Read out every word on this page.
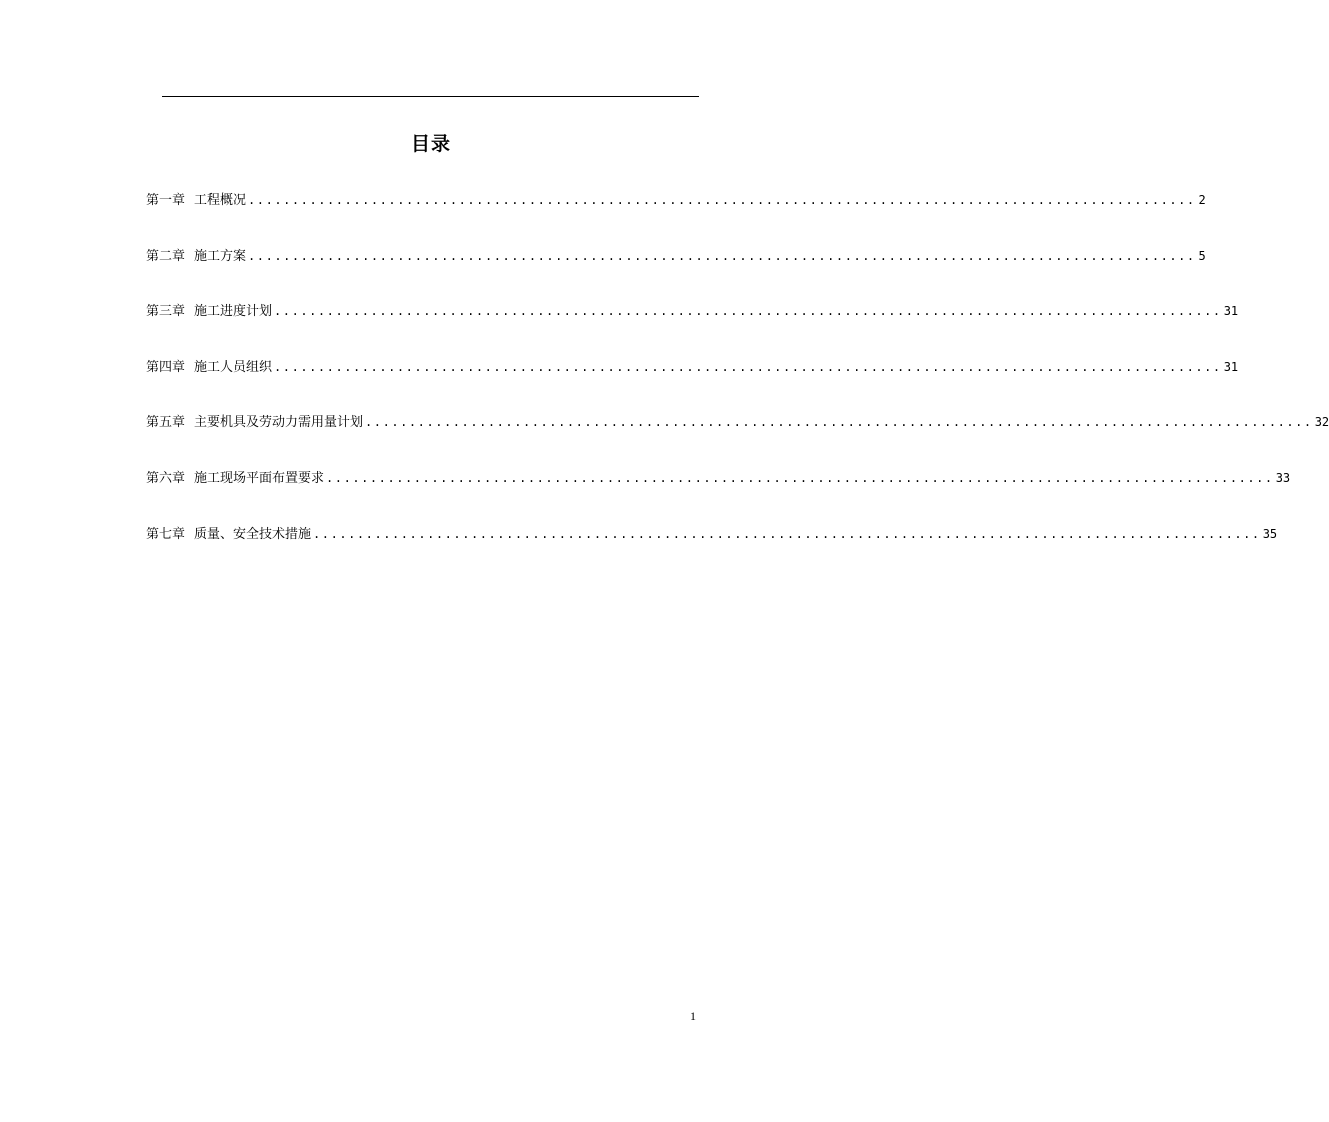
目录
第一章 工程概况 ............................................................................................................ 2
第二章 施工方案 ............................................................................................................ 5
第三章 施工进度计划 ............................................................................................................ 31
第四章 施工人员组织 ............................................................................................................ 31
第五章 主要机具及劳动力需用量计划 ............................................................................................................ 32
第六章 施工现场平面布置要求 ............................................................................................................ 33
第七章 质量、安全技术措施 ............................................................................................................ 35
1
